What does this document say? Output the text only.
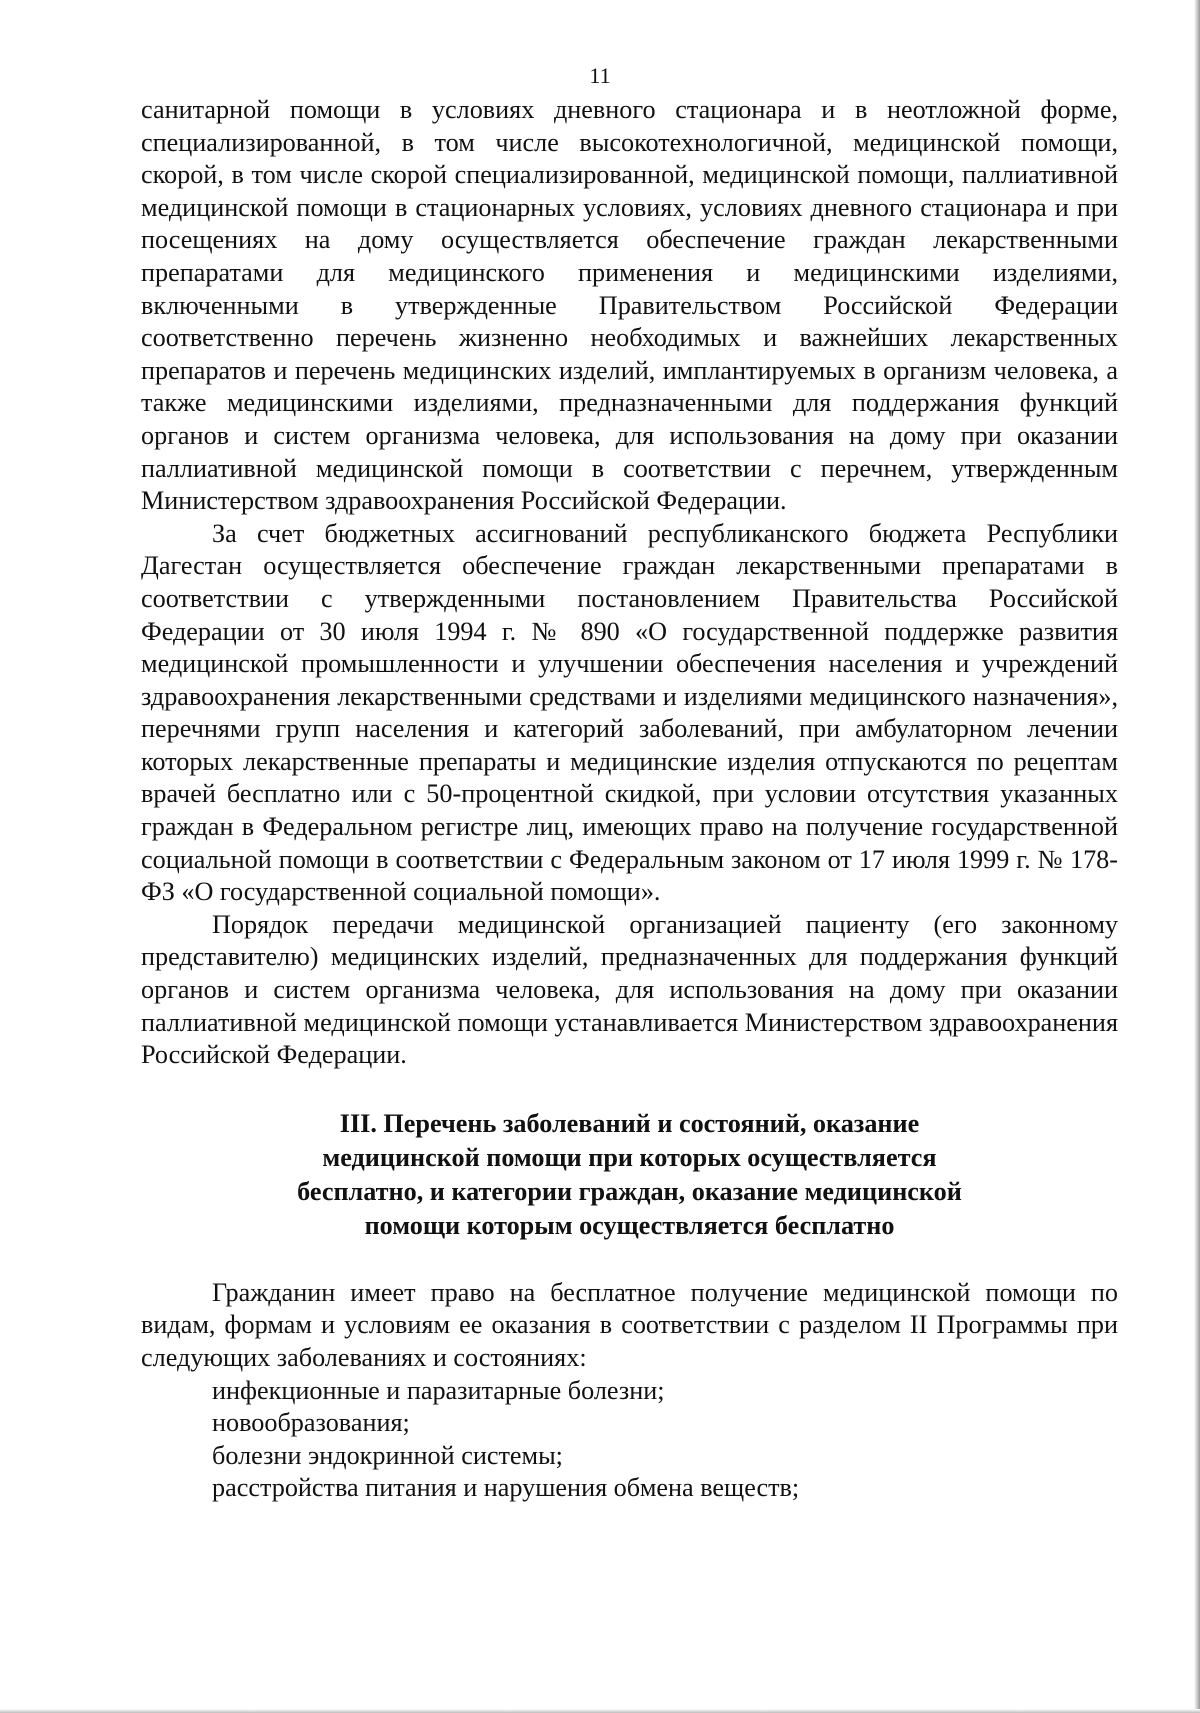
11

санитарной помощи в условиях дневного стационара и в неотложной форме, специализированной, в том числе высокотехнологичной, медицинской помощи, скорой, в том числе скорой специализированной, медицинской помощи, паллиативной медицинской помощи в стационарных условиях, условиях дневного стационара и при посещениях на дому осуществляется обеспечение граждан лекарственными препаратами для медицинского применения и медицинскими изделиями, включенными в утвержденные Правительством Российской Федерации соответственно перечень жизненно необходимых и важнейших лекарственных препаратов и перечень медицинских изделий, имплантируемых в организм человека, а также медицинскими изделиями, предназначенными для поддержания функций органов и систем организма человека, для использования на дому при оказании паллиативной медицинской помощи в соответствии с перечнем, утвержденным Министерством здравоохранения Российской Федерации.

За счет бюджетных ассигнований республиканского бюджета Республики Дагестан осуществляется обеспечение граждан лекарственными препаратами в соответствии с утвержденными постановлением Правительства Российской Федерации от 30 июля 1994 г. № 890 «О государственной поддержке развития медицинской промышленности и улучшении обеспечения населения и учреждений здравоохранения лекарственными средствами и изделиями медицинского назначения», перечнями групп населения и категорий заболеваний, при амбулаторном лечении которых лекарственные препараты и медицинские изделия отпускаются по рецептам врачей бесплатно или с 50-процентной скидкой, при условии отсутствия указанных граждан в Федеральном регистре лиц, имеющих право на получение государственной социальной помощи в соответствии с Федеральным законом от 17 июля 1999 г. № 178-ФЗ «О государственной социальной помощи».

Порядок передачи медицинской организацией пациенту (его законному представителю) медицинских изделий, предназначенных для поддержания функций органов и систем организма человека, для использования на дому при оказании паллиативной медицинской помощи устанавливается Министерством здравоохранения Российской Федерации.

III. Перечень заболеваний и состояний, оказание
медицинской помощи при которых осуществляется
бесплатно, и категории граждан, оказание медицинской
помощи которым осуществляется бесплатно

Гражданин имеет право на бесплатное получение медицинской помощи по видам, формам и условиям ее оказания в соответствии с разделом II Программы при следующих заболеваниях и состояниях:

инфекционные и паразитарные болезни;

новообразования;

болезни эндокринной системы;

расстройства питания и нарушения обмена веществ;
